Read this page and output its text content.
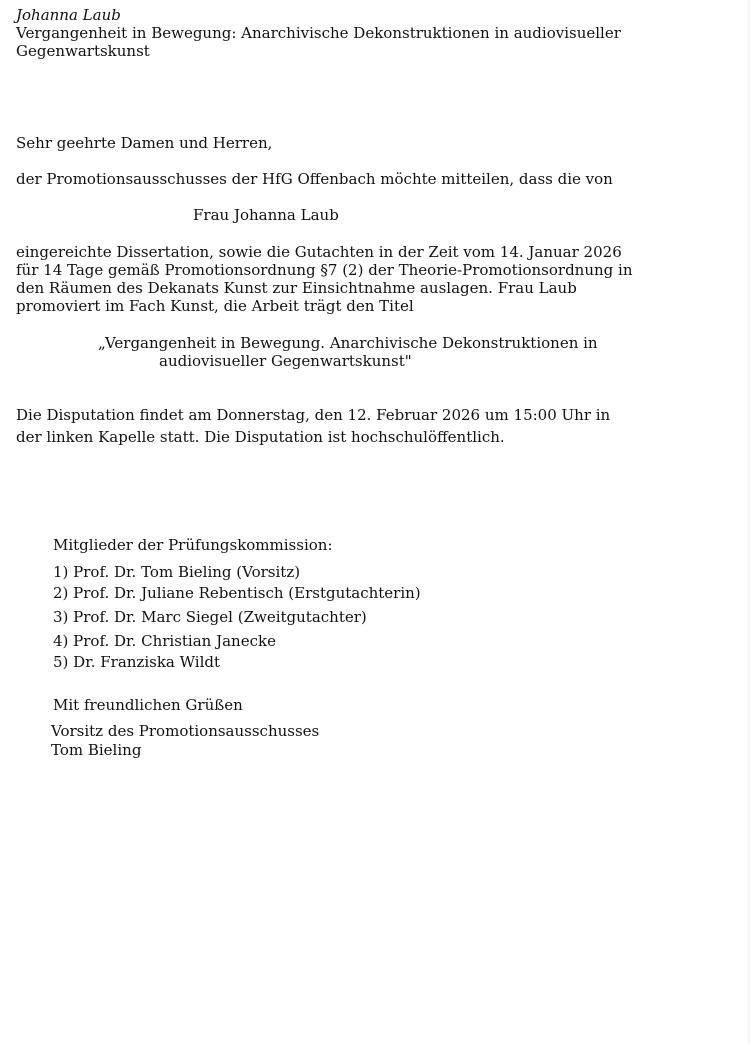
Johanna Laub
Vergangenheit in Bewegung: Anarchivische Dekonstruktionen in audiovisueller
Gegenwartskunst
Sehr geehrte Damen und Herren,
der Promotionsausschusses der HfG Offenbach möchte mitteilen, dass die von
Frau Johanna Laub
eingereichte Dissertation, sowie die Gutachten in der Zeit vom 14. Januar 2026
für 14 Tage gemäß Promotionsordnung §7 (2) der Theorie-Promotionsordnung in
den Räumen des Dekanats Kunst zur Einsichtnahme auslagen. Frau Laub
promoviert im Fach Kunst, die Arbeit trägt den Titel
„Vergangenheit in Bewegung. Anarchivische Dekonstruktionen in
audiovisueller Gegenwartskunst"
Die Disputation findet am Donnerstag, den 12. Februar 2026 um 15:00 Uhr in
der linken Kapelle statt. Die Disputation ist hochschulöffentlich.
Mitglieder der Prüfungskommission:
1) Prof. Dr. Tom Bieling (Vorsitz)
2) Prof. Dr. Juliane Rebentisch (Erstgutachterin)
3) Prof. Dr. Marc Siegel (Zweitgutachter)
4) Prof. Dr. Christian Janecke
5) Dr. Franziska Wildt
Mit freundlichen Grüßen
Vorsitz des Promotionsausschusses
Tom Bieling
